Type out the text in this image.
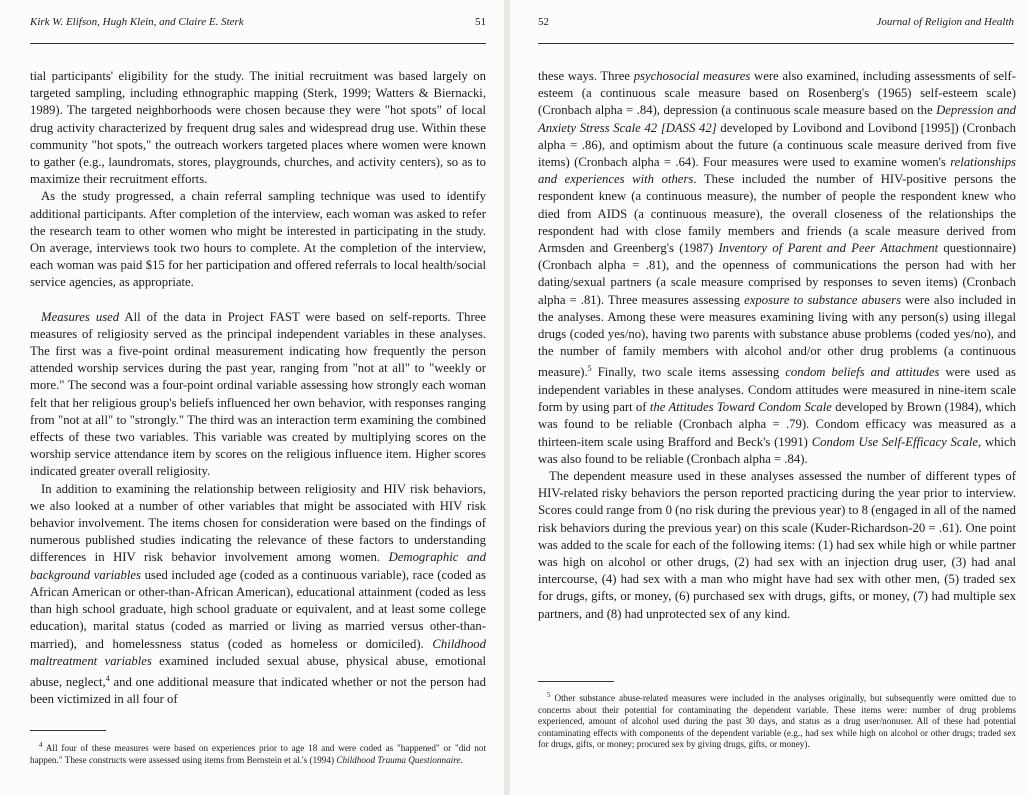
Kirk W. Elifson, Hugh Klein, and Claire E. Sterk	51

tial participants' eligibility for the study. The initial recruitment was based largely on targeted sampling, including ethnographic mapping (Sterk, 1999; Watters & Biernacki, 1989). The targeted neighborhoods were chosen because they were "hot spots" of local drug activity characterized by frequent drug sales and widespread drug use. Within these community "hot spots," the outreach workers targeted places where women were known to gather (e.g., laundromats, stores, playgrounds, churches, and activity centers), so as to maximize their recruitment efforts.

As the study progressed, a chain referral sampling technique was used to identify additional participants. After completion of the interview, each woman was asked to refer the research team to other women who might be interested in participating in the study. On average, interviews took two hours to complete. At the completion of the interview, each woman was paid $15 for her participation and offered referrals to local health/social service agencies, as appropriate.

Measures used All of the data in Project FAST were based on self-reports. Three measures of religiosity served as the principal independent variables in these analyses. The first was a five-point ordinal measurement indicating how frequently the person attended worship services during the past year, ranging from "not at all" to "weekly or more." The second was a four-point ordinal variable assessing how strongly each woman felt that her religious group's beliefs influenced her own behavior, with responses ranging from "not at all" to "strongly." The third was an interaction term examining the combined effects of these two variables. This variable was created by multiplying scores on the worship service attendance item by scores on the religious influence item. Higher scores indicated greater overall religiosity.

In addition to examining the relationship between religiosity and HIV risk behaviors, we also looked at a number of other variables that might be associated with HIV risk behavior involvement. The items chosen for consideration were based on the findings of numerous published studies indicating the relevance of these factors to understanding differences in HIV risk behavior involvement among women. Demographic and background variables used included age (coded as a continuous variable), race (coded as African American or other-than-African American), educational attainment (coded as less than high school graduate, high school graduate or equivalent, and at least some college education), marital status (coded as married or living as married versus other-than-married), and homelessness status (coded as homeless or domiciled). Childhood maltreatment variables examined included sexual abuse, physical abuse, emotional abuse, neglect,$^4$ and one additional measure that indicated whether or not the person had been victimized in all four of

$^4$ All four of these measures were based on experiences prior to age 18 and were coded as "happened" or "did not happen." These constructs were assessed using items from Bernstein et al.'s (1994) Childhood Trauma Questionnaire.

52	Journal of Religion and Health

these ways. Three psychosocial measures were also examined, including assessments of self-esteem (a continuous scale measure based on Rosenberg's (1965) self-esteem scale) (Cronbach alpha = .84), depression (a continuous scale measure based on the Depression and Anxiety Stress Scale 42 [DASS 42] developed by Lovibond and Lovibond [1995]) (Cronbach alpha = .86), and optimism about the future (a continuous scale measure derived from five items) (Cronbach alpha = .64). Four measures were used to examine women's relationships and experiences with others. These included the number of HIV-positive persons the respondent knew (a continuous measure), the number of people the respondent knew who died from AIDS (a continuous measure), the overall closeness of the relationships the respondent had with close family members and friends (a scale measure derived from Armsden and Greenberg's (1987) Inventory of Parent and Peer Attachment questionnaire) (Cronbach alpha = .81), and the openness of communications the person had with her dating/sexual partners (a scale measure comprised by responses to seven items) (Cronbach alpha = .81). Three measures assessing exposure to substance abusers were also included in the analyses. Among these were measures examining living with any person(s) using illegal drugs (coded yes/no), having two parents with substance abuse problems (coded yes/no), and the number of family members with alcohol and/or other drug problems (a continuous measure).$^5$ Finally, two scale items assessing condom beliefs and attitudes were used as independent variables in these analyses. Condom attitudes were measured in nine-item scale form by using part of the Attitudes Toward Condom Scale developed by Brown (1984), which was found to be reliable (Cronbach alpha = .79). Condom efficacy was measured as a thirteen-item scale using Brafford and Beck's (1991) Condom Use Self-Efficacy Scale, which was also found to be reliable (Cronbach alpha = .84).

The dependent measure used in these analyses assessed the number of different types of HIV-related risky behaviors the person reported practicing during the year prior to interview. Scores could range from 0 (no risk during the previous year) to 8 (engaged in all of the named risk behaviors during the previous year) on this scale (Kuder-Richardson-20 = .61). One point was added to the scale for each of the following items: (1) had sex while high or while partner was high on alcohol or other drugs, (2) had sex with an injection drug user, (3) had anal intercourse, (4) had sex with a man who might have had sex with other men, (5) traded sex for drugs, gifts, or money, (6) purchased sex with drugs, gifts, or money, (7) had multiple sex partners, and (8) had unprotected sex of any kind.

$^5$ Other substance abuse-related measures were included in the analyses originally, but subsequently were omitted due to concerns about their potential for contaminating the dependent variable. These items were: number of drug problems experienced, amount of alcohol used during the past 30 days, and status as a drug user/nonuser. All of these had potential contaminating effects with components of the dependent variable (e.g., had sex while high on alcohol or other drugs; traded sex for drugs, gifts, or money; procured sex by giving drugs, gifts, or money).
